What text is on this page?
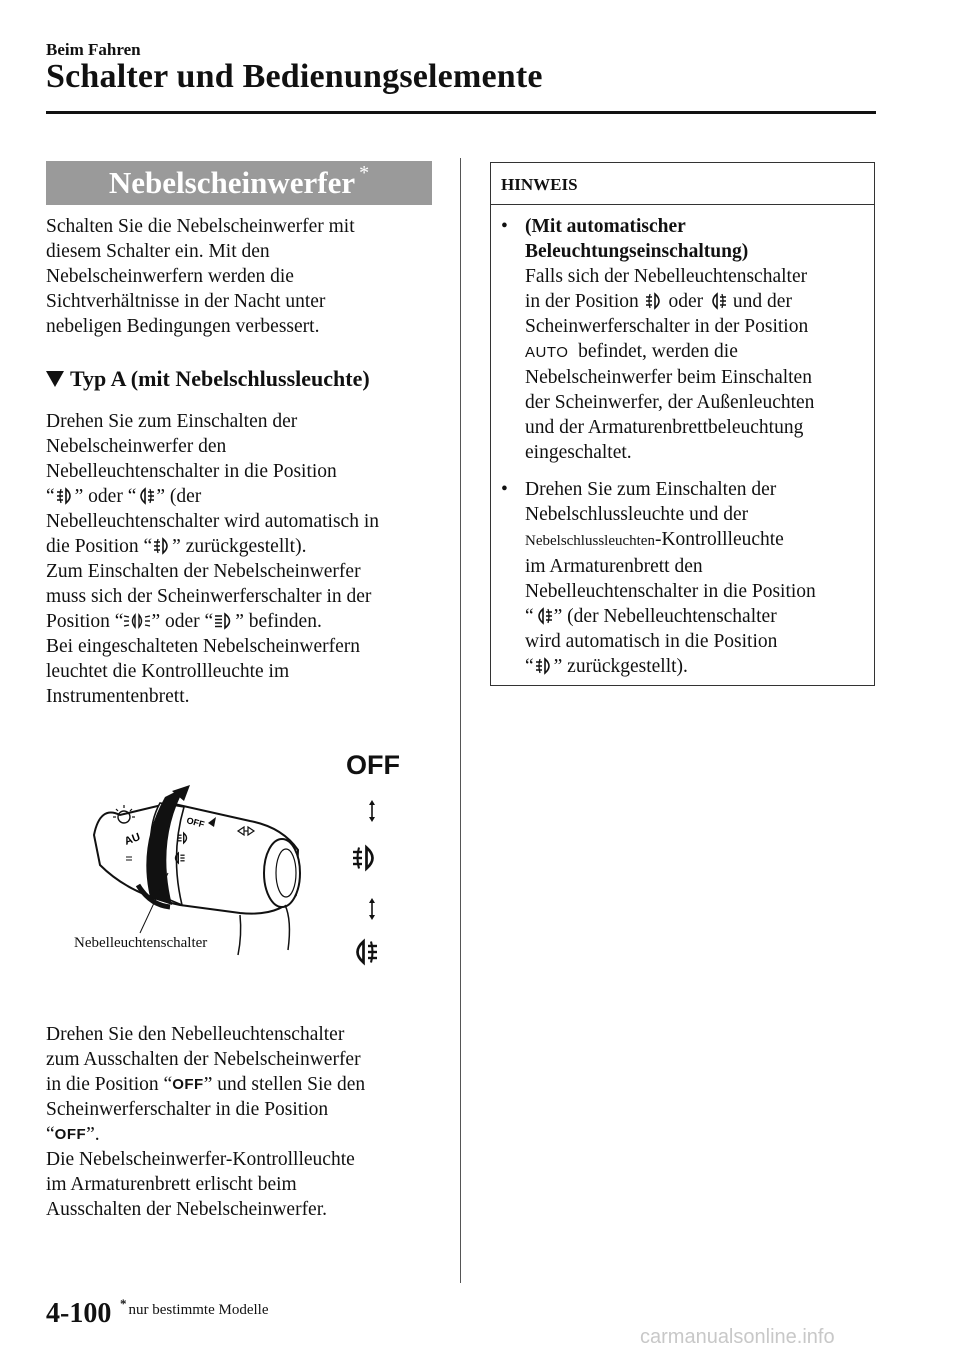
Beim Fahren
Schalter und Bedienungselemente
Nebelscheinwerfer *

Schalten Sie die Nebelscheinwerfer mit

diesem Schalter ein. Mit den

Nebelscheinwerfern werden die

Sichtverhältnisse in der Nacht unter

nebeligen Bedingungen verbessert.

Typ A (mit Nebelschlussleuchte)

Drehen Sie zum Einschalten der

Nebelscheinwerfer den

Nebelleuchtenschalter in die Position

“ ” oder “ ” (der

Nebelleuchtenschalter wird automatisch in

die Position “ ” zurückgestellt).

Zum Einschalten der Nebelscheinwerfer

muss sich der Scheinwerferschalter in der

Position “ ” oder “ ” befinden.

Bei eingeschalteten Nebelscheinwerfern

leuchtet die Kontrollleuchte im

Instrumentenbrett.

AU
OFF
OFF
Nebelleuchtenschalter

Drehen Sie den Nebelleuchtenschalter

zum Ausschalten der Nebelscheinwerfer

in die Position “OFF” und stellen Sie den

Scheinwerferschalter in die Position

“OFF”.

Die Nebelscheinwerfer-Kontrollleuchte

im Armaturenbrett erlischt beim

Ausschalten der Nebelscheinwerfer.

HINWEIS
• (Mit automatischer
Beleuchtungseinschaltung)
Falls sich der Nebelleuchtenschalter
in der Position oder und der
Scheinwerferschalter in der Position
AUTO befindet, werden die
Nebelscheinwerfer beim Einschalten
der Scheinwerfer, der Außenleuchten
und der Armaturenbrettbeleuchtung
eingeschaltet.
• Drehen Sie zum Einschalten der
Nebelschlussleuchte und der
Nebelschlussleuchten-Kontrollleuchte
im Armaturenbrett den
Nebelleuchtenschalter in die Position
“ ” (der Nebelleuchtenschalter
wird automatisch in die Position
“ ” zurückgestellt).
4-100 * nur bestimmte Modelle
carmanualsonline.info
